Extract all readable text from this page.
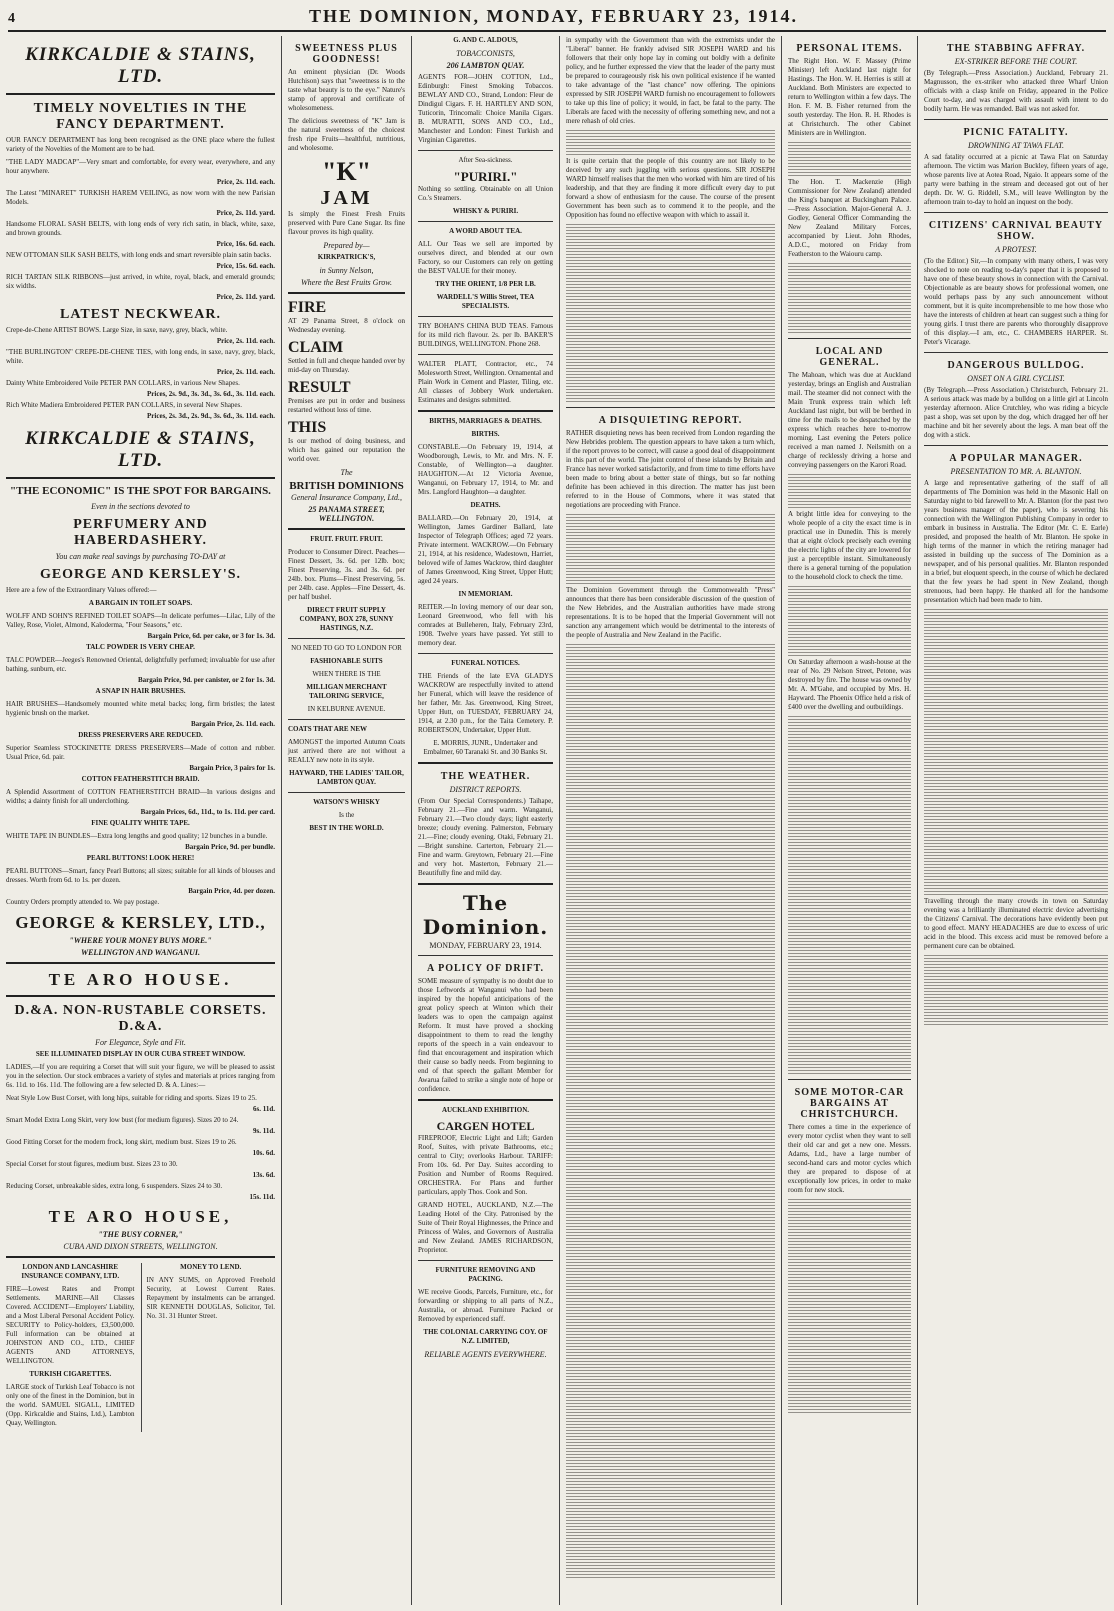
4	THE DOMINION, MONDAY, FEBRUARY 23, 1914.
KIRKCALDIE & STAINS, LTD.
TIMELY NOVELTIES IN THE FANCY DEPARTMENT.

OUR FANCY DEPARTMENT has long been recognised as the ONE place where the fullest variety of the Novelties of the Moment are to be had.

"THE LADY MADCAP"—Very smart and comfortable, for every wear, everywhere, and any hour anywhere.

Price, 2s. 11d. each.

The Latest "MINARET" TURKISH HAREM VEILING, as now worn with the new Parisian Models.

Price, 2s. 11d. yard.

Handsome FLORAL SASH BELTS, with long ends of very rich satin, in black, white, saxe, and brown grounds.

Price, 16s. 6d. each.

NEW OTTOMAN SILK SASH BELTS, with long ends and smart reversible plain satin backs.

Price, 15s. 6d. each.

RICH TARTAN SILK RIBBONS—just arrived, in white, royal, black, and emerald grounds; six widths.

Price, 2s. 11d. yard.
LATEST NECKWEAR.

Crepe-de-Chene ARTIST BOWS. Large Size, in saxe, navy, grey, black, white.

Price, 2s. 11d. each.

"THE BURLINGTON" CREPE-DE-CHENE TIES, with long ends, in saxe, navy, grey, black, white.

Price, 2s. 11d. each.

Dainty White Embroidered Voile PETER PAN COLLARS, in various New Shapes.

Prices, 2s. 9d., 3s. 3d., 3s. 6d., 3s. 11d. each.

Rich White Madiera Embroidered PETER PAN COLLARS, in several New Shapes.

Prices, 2s. 3d., 2s. 9d., 3s. 6d., 3s. 11d. each.
KIRKCALDIE & STAINS, LTD.
"THE ECONOMIC" IS THE SPOT FOR BARGAINS.
Even in the sections devoted to
PERFUMERY AND HABERDASHERY.
You can make real savings by purchasing TO-DAY at
GEORGE AND KERSLEY'S.

Here are a few of the Extraordinary Values offered:—

A BARGAIN IN TOILET SOAPS.

WOLFF AND SOHN'S REFINED TOILET SOAPS—In delicate perfumes—Lilac, Lily of the Valley, Rose, Violet, Almond, Kaloderma, "Four Seasons," etc.

Bargain Price, 6d. per cake, or 3 for 1s. 3d.
TALC POWDER IS VERY CHEAP.

TALC POWDER—Jeeges's Renowned Oriental, delightfully perfumed; invaluable for use after bathing, sunburn, etc.

Bargain Price, 9d. per canister, or 2 for 1s. 3d.
A SNAP IN HAIR BRUSHES.

HAIR BRUSHES—Handsomely mounted white metal backs; long, firm bristles; the latest hygienic brush on the market.

Bargain Price, 2s. 11d. each.
DRESS PRESERVERS ARE REDUCED.

Superior Seamless STOCKINETTE DRESS PRESERVERS—Made of cotton and rubber. Usual Price, 6d. pair.

Bargain Price, 3 pairs for 1s.
COTTON FEATHERSTITCH BRAID.

A Splendid Assortment of COTTON FEATHERSTITCH BRAID—In various designs and widths; a dainty finish for all underclothing.

Bargain Prices, 6d., 11d., to 1s. 11d. per card.
FINE QUALITY WHITE TAPE.

WHITE TAPE IN BUNDLES—Extra long lengths and good quality; 12 bunches in a bundle.

Bargain Price, 9d. per bundle.
PEARL BUTTONS! LOOK HERE!

PEARL BUTTONS—Smart, fancy Pearl Buttons; all sizes; suitable for all kinds of blouses and dresses. Worth from 6d. to 1s. per dozen.

Bargain Price, 4d. per dozen.

Country Orders promptly attended to. We pay postage.

GEORGE & KERSLEY, LTD.,
"WHERE YOUR MONEY BUYS MORE."
WELLINGTON AND WANGANUI.
TE ARO HOUSE.
D.&A. NON-RUSTABLE CORSETS. D.&A.
For Elegance, Style and Fit.
SEE ILLUMINATED DISPLAY IN OUR CUBA STREET WINDOW.

LADIES,—If you are requiring a Corset that will suit your figure, we will be pleased to assist you in the selection. Our stock embraces a variety of styles and materials at prices ranging from 6s. 11d. to 16s. 11d. The following are a few selected D. & A. Lines:—

Neat Style Low Bust Corset, with long hips, suitable for riding and sports. Sizes 19 to 25.

6s. 11d.

Smart Model Extra Long Skirt, very low bust (for medium figures). Sizes 20 to 24.

9s. 11d.

Good Fitting Corset for the modern frock, long skirt, medium bust. Sizes 19 to 26.

10s. 6d.

Special Corset for stout figures, medium bust. Sizes 23 to 30.

13s. 6d.

Reducing Corset, unbreakable sides, extra long, 6 suspenders. Sizes 24 to 30.

15s. 11d.
TE ARO HOUSE,
"THE BUSY CORNER,"
CUBA AND DIXON STREETS, WELLINGTON.
LONDON AND LANCASHIRE INSURANCE COMPANY, LTD.

FIRE—Lowest Rates and Prompt Settlements. MARINE—All Classes Covered. ACCIDENT—Employers' Liability, and a Most Liberal Personal Accident Policy. SECURITY to Policy-holders, £3,500,000. Full information can be obtained at JOHNSTON AND CO., LTD., CHIEF AGENTS AND ATTORNEYS, WELLINGTON.

TURKISH CIGARETTES.

LARGE stock of Turkish Leaf Tobacco is not only one of the finest in the Dominion, but in the world. SAMUEL SIGALL, LIMITED (Opp. Kirkcaldie and Stains, Ltd.), Lambton Quay, Wellington.

MONEY TO LEND.

IN ANY SUMS, on Approved Freehold Security, at Lowest Current Rates. Repayment by instalments can be arranged. SIR KENNETH DOUGLAS, Solicitor, Tel. No. 31. 31 Hunter Street.

SWEETNESS PLUS GOODNESS!

An eminent physician (Dr. Woods Hutchison) says that "sweetness is to the taste what beauty is to the eye." Nature's stamp of approval and certificate of wholesomeness.

The delicious sweetness of "K" Jam is the natural sweetness of the choicest fresh ripe Fruits—healthful, nutritious, and wholesome.

"K"
JAM

Is simply the Finest Fresh Fruits preserved with Pure Cane Sugar. Its fine flavour proves its high quality.

Prepared by—
KIRKPATRICK'S,
in Sunny Nelson,
Where the Best Fruits Grow.
FIRE

AT 29 Panama Street, 8 o'clock on Wednesday evening.

CLAIM

Settled in full and cheque handed over by mid-day on Thursday.

RESULT

Premises are put in order and business restarted without loss of time.

THIS

Is our method of doing business, and which has gained our reputation the world over.

The
BRITISH DOMINIONS
General Insurance Company, Ltd.,
25 PANAMA STREET, WELLINGTON.
FRUIT. FRUIT. FRUIT.

Producer to Consumer Direct. Peaches—Finest Dessert, 3s. 6d. per 12lb. box; Finest Preserving, 3s. and 3s. 6d. per 24lb. box. Plums—Finest Preserving, 5s. per 24lb. case. Apples—Fine Dessert, 4s. per half bushel.

DIRECT FRUIT SUPPLY COMPANY, BOX 278, SUNNY HASTINGS, N.Z.
NO NEED TO GO TO LONDON FOR
FASHIONABLE SUITS
WHEN THERE IS THE
MILLIGAN MERCHANT TAILORING SERVICE,
IN KELBURNE AVENUE.
COATS THAT ARE NEW

AMONGST the imported Autumn Coats just arrived there are not without a REALLY new note in its style.

HAYWARD, THE LADIES' TAILOR, LAMBTON QUAY.
WATSON'S WHISKY
Is the
BEST IN THE WORLD.
G. AND C. ALDOUS,
TOBACCONISTS,
206 LAMBTON QUAY.

AGENTS FOR—JOHN COTTON, Ltd., Edinburgh: Finest Smoking Tobaccos. BEWLAY AND CO., Strand, London: Fleur de Dindigul Cigars. F. H. HARTLEY AND SON, Tuticorin, Trincomali: Choice Manila Cigars. B. MURATTI, SONS AND CO., Ltd., Manchester and London: Finest Turkish and Virginian Cigarettes.

After Sea-sickness.
"PURIRI."

Nothing so settling. Obtainable on all Union Co.'s Steamers.

WHISKY & PURIRI.
A WORD ABOUT TEA.

ALL Our Teas we sell are imported by ourselves direct, and blended at our own Factory, so our Customers can rely on getting the BEST VALUE for their money.

TRY THE ORIENT, 1/8 PER LB.
WARDELL'S Willis Street, TEA SPECIALISTS.

TRY BOHAN'S CHINA BUD TEAS. Famous for its mild rich flavour. 2s. per lb. BAKER'S BUILDINGS, WELLINGTON. Phone 268.

WALTER PLATT, Contractor, etc., 74 Molesworth Street, Wellington. Ornamental and Plain Work in Cement and Plaster, Tiling, etc. All classes of Jobbery Work undertaken. Estimates and designs submitted.

BIRTHS, MARRIAGES & DEATHS.
BIRTHS.

CONSTABLE.—On February 19, 1914, at Woodborough, Lewis, to Mr. and Mrs. N. F. Constable, of Wellington—a daughter. HAUGHTON.—At 12 Victoria Avenue, Wanganui, on February 17, 1914, to Mr. and Mrs. Langford Haughton—a daughter.

DEATHS.

BALLARD.—On February 20, 1914, at Wellington, James Gardiner Ballard, late Inspector of Telegraph Offices; aged 72 years. Private interment. WACKROW.—On February 21, 1914, at his residence, Wadestown, Harriet, beloved wife of James Wackrow, third daughter of James Greenwood, King Street, Upper Hutt; aged 24 years.

IN MEMORIAM.

REITER.—In loving memory of our dear son, Leonard Greenwood, who fell with his comrades at Bulleheren, Italy, February 23rd, 1908. Twelve years have passed. Yet still to memory dear.

FUNERAL NOTICES.

THE Friends of the late EVA GLADYS WACKROW are respectfully invited to attend her Funeral, which will leave the residence of her father, Mr. Jas. Greenwood, King Street, Upper Hutt, on TUESDAY, FEBRUARY 24, 1914, at 2.30 p.m., for the Taita Cemetery. P. ROBERTSON, Undertaker, Upper Hutt.

E. MORRIS, JUNR., Undertaker and Embalmer, 60 Taranaki St. and 30 Banks St.

THE WEATHER.
DISTRICT REPORTS.

(From Our Special Correspondents.) Taihape, February 21.—Fine and warm. Wanganui, February 21.—Two cloudy days; light easterly breeze; cloudy evening. Palmerston, February 21.—Fine; cloudy evening. Otaki, February 21.—Bright sunshine. Carterton, February 21.—Fine and warm. Greytown, February 21.—Fine and very hot. Masterton, February 21.—Beautifully fine and mild day.

The Dominion.
MONDAY, FEBRUARY 23, 1914.
A POLICY OF DRIFT.

SOME measure of sympathy is no doubt due to those Leftwords at Wanganui who had been inspired by the hopeful anticipations of the great policy speech at Winton which their leaders was to open the campaign against Reform. It must have proved a shocking disappointment to them to read the lengthy reports of the speech in a vain endeavour to find that encouragement and inspiration which their cause so badly needs. From beginning to end of that speech the gallant Member for Awarua failed to strike a single note of hope or confidence.

AUCKLAND EXHIBITION.
CARGEN HOTEL

FIREPROOF, Electric Light and Lift; Garden Roof, Suites, with private Bathrooms, etc.; central to City; overlooks Harbour. TARIFF: From 10s. 6d. Per Day. Suites according to Position and Number of Rooms Required. ORCHESTRA. For Plans and further particulars, apply Thos. Cook and Son.

GRAND HOTEL, AUCKLAND, N.Z.—The Leading Hotel of the City. Patronised by the Suite of Their Royal Highnesses, the Prince and Princess of Wales, and Governors of Australia and New Zealand. JAMES RICHARDSON, Proprietor.

FURNITURE REMOVING AND PACKING.

WE receive Goods, Parcels, Furniture, etc., for forwarding or shipping to all parts of N.Z., Australia, or abroad. Furniture Packed or Removed by experienced staff.

THE COLONIAL CARRYING COY. OF N.Z. LIMITED,
RELIABLE AGENTS EVERYWHERE.

in sympathy with the Government than with the extremists under the "Liberal" banner. He frankly advised SIR JOSEPH WARD and his followers that their only hope lay in coming out boldly with a definite policy, and he further expressed the view that the leader of the party must be prepared to courageously risk his own political existence if he wanted to take advantage of the "last chance" now offering. The opinions expressed by SIR JOSEPH WARD furnish no encouragement to followers to take up this line of policy; it would, in fact, be fatal to the party. The Liberals are faced with the necessity of offering something new, and not a mere rehash of old cries.

It is quite certain that the people of this country are not likely to be deceived by any such juggling with serious questions. SIR JOSEPH WARD himself realises that the men who worked with him are tired of his leadership, and that they are finding it more difficult every day to put forward a show of enthusiasm for the cause. The course of the present Government has been such as to commend it to the people, and the Opposition has found no effective weapon with which to assail it.

A DISQUIETING REPORT.

RATHER disquieting news has been received from London regarding the New Hebrides problem. The question appears to have taken a turn which, if the report proves to be correct, will cause a good deal of disappointment in this part of the world. The joint control of these islands by Britain and France has never worked satisfactorily, and from time to time efforts have been made to bring about a better state of things, but so far nothing definite has been achieved in this direction. The matter has just been referred to in the House of Commons, where it was stated that negotiations are proceeding with France.

The Dominion Government through the Commonwealth "Press" announces that there has been considerable discussion of the question of the New Hebrides, and the Australian authorities have made strong representations. It is to be hoped that the Imperial Government will not sanction any arrangement which would be detrimental to the interests of the people of Australia and New Zealand in the Pacific.

PERSONAL ITEMS.

The Right Hon. W. F. Massey (Prime Minister) left Auckland last night for Hastings. The Hon. W. H. Herries is still at Auckland. Both Ministers are expected to return to Wellington within a few days. The Hon. F. M. B. Fisher returned from the south yesterday. The Hon. R. H. Rhodes is at Christchurch. The other Cabinet Ministers are in Wellington.

The Hon. T. Mackenzie (High Commissioner for New Zealand) attended the King's banquet at Buckingham Palace.—Press Association. Major-General A. J. Godley, General Officer Commanding the New Zealand Military Forces, accompanied by Lieut. John Rhodes, A.D.C., motored on Friday from Featherston to the Waiouru camp.

LOCAL AND GENERAL.

The Mahoan, which was due at Auckland yesterday, brings an English and Australian mail. The steamer did not connect with the Main Trunk express train which left Auckland last night, but will be berthed in time for the mails to be despatched by the express which reaches here to-morrow morning. Last evening the Peters police received a man named J. Neilsmith on a charge of recklessly driving a horse and conveying passengers on the Karori Road.

A bright little idea for conveying to the whole people of a city the exact time is in practical use in Dunedin. This is merely that at eight o'clock precisely each evening the electric lights of the city are lowered for just a perceptible instant. Simultaneously there is a general turning of the population to the household clock to check the time.

On Saturday afternoon a wash-house at the rear of No. 29 Nelson Street, Petone, was destroyed by fire. The house was owned by Mr. A. M'Gahe, and occupied by Mrs. H. Hayward. The Phoenix Office held a risk of £400 over the dwelling and outbuildings.

SOME MOTOR-CAR BARGAINS AT CHRISTCHURCH.

There comes a time in the experience of every motor cyclist when they want to sell their old car and get a new one. Messrs. Adams, Ltd., have a large number of second-hand cars and motor cycles which they are prepared to dispose of at exceptionally low prices, in order to make room for new stock.

THE STABBING AFFRAY.
EX-STRIKER BEFORE THE COURT.

(By Telegraph.—Press Association.) Auckland, February 21. Magnusson, the ex-striker who attacked three Wharf Union officials with a clasp knife on Friday, appeared in the Police Court to-day, and was charged with assault with intent to do bodily harm. He was remanded. Bail was not asked for.

PICNIC FATALITY.
DROWNING AT TAWA FLAT.

A sad fatality occurred at a picnic at Tawa Flat on Saturday afternoon. The victim was Marion Buckley, fifteen years of age, whose parents live at Aotea Road, Ngaio. It appears some of the party were bathing in the stream and deceased got out of her depth. Dr. W. G. Riddell, S.M., will leave Wellington by the afternoon train to-day to hold an inquest on the body.

CITIZENS' CARNIVAL BEAUTY SHOW.
A PROTEST.

(To the Editor.) Sir,—In company with many others, I was very shocked to note on reading to-day's paper that it is proposed to have one of these beauty shows in connection with the Carnival. Objectionable as are beauty shows for professional women, one would perhaps pass by any such announcement without comment, but it is quite incomprehensible to me how those who have the interests of children at heart can suggest such a thing for young girls. I trust there are parents who thoroughly disapprove of this display.—I am, etc., C. CHAMBERS HARPER. St. Peter's Vicarage.

DANGEROUS BULLDOG.
ONSET ON A GIRL CYCLIST.

(By Telegraph.—Press Association.) Christchurch, February 21. A serious attack was made by a bulldog on a little girl at Lincoln yesterday afternoon. Alice Crutchley, who was riding a bicycle past a shop, was set upon by the dog, which dragged her off her machine and bit her severely about the legs. A man beat off the dog with a stick.

A POPULAR MANAGER.
PRESENTATION TO MR. A. BLANTON.

A large and representative gathering of the staff of all departments of The Dominion was held in the Masonic Hall on Saturday night to bid farewell to Mr. A. Blanton (for the past two years business manager of the paper), who is severing his connection with the Wellington Publishing Company in order to embark in business in Australia. The Editor (Mr. C. E. Earle) presided, and proposed the health of Mr. Blanton. He spoke in high terms of the manner in which the retiring manager had assisted in building up the success of The Dominion as a newspaper, and of his personal qualities. Mr. Blanton responded in a brief, but eloquent speech, in the course of which he declared that the few years he had spent in New Zealand, though strenuous, had been happy. He thanked all for the handsome presentation which had been made to him.

Travelling through the many crowds in town on Saturday evening was a brilliantly illuminated electric device advertising the Citizens' Carnival. The decorations have evidently been put to good effect. MANY HEADACHES are due to excess of uric acid in the blood. This excess acid must be removed before a permanent cure can be obtained.
